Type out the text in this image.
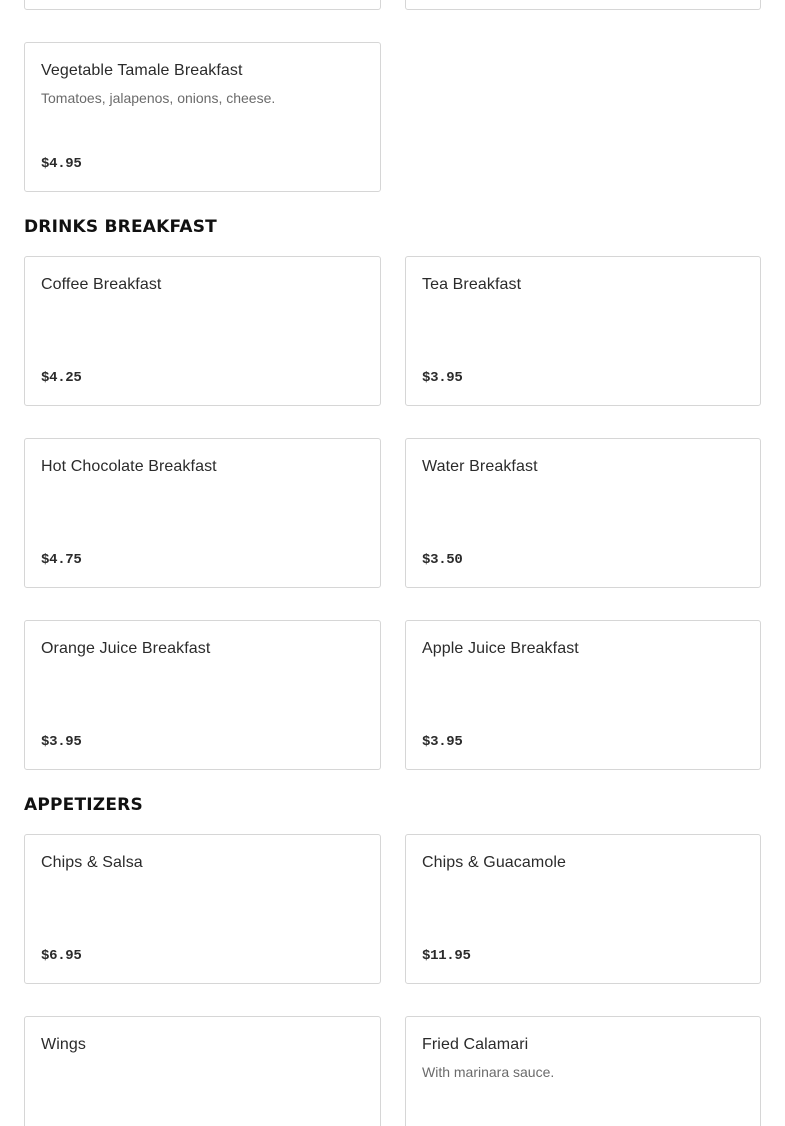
Vegetable Tamale Breakfast
Tomatoes, jalapenos, onions, cheese.
$4.95
DRINKS BREAKFAST
Coffee Breakfast
$4.25
Tea Breakfast
$3.95
Hot Chocolate Breakfast
$4.75
Water Breakfast
$3.50
Orange Juice Breakfast
$3.95
Apple Juice Breakfast
$3.95
APPETIZERS
Chips & Salsa
$6.95
Chips & Guacamole
$11.95
Wings	Fried Calamari
With marinara sauce.
